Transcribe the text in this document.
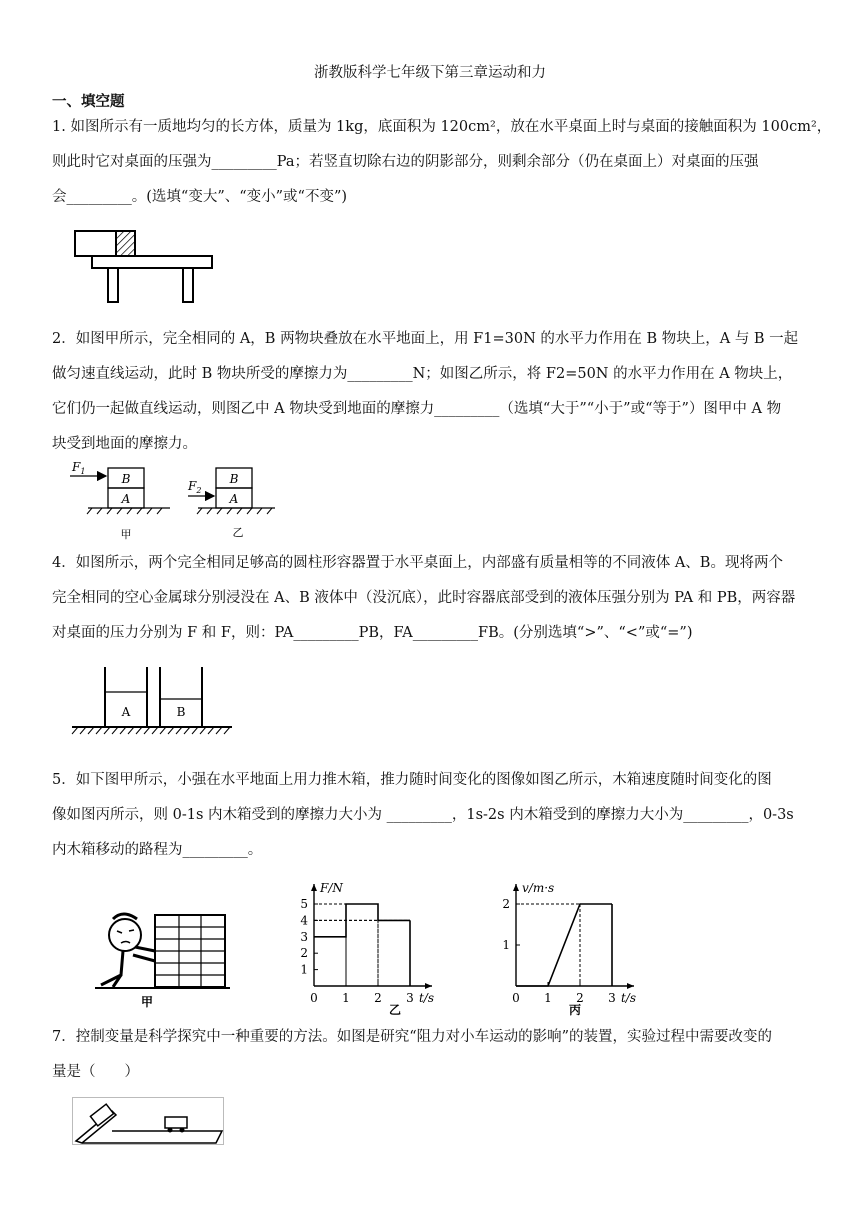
浙教版科学七年级下第三章运动和力
一、填空题

1. 如图所示有一质地均匀的长方体，质量为 1kg，底面积为 120cm²，放在水平桌面上时与桌面的接触面积为 100cm²，

则此时它对桌面的压强为_________Pa；若竖直切除右边的阴影部分，则剩余部分（仍在桌面上）对桌面的压强

会_________。(选填“变大”、“变小”或“不变”)

2．如图甲所示，完全相同的 A，B 两物块叠放在水平地面上，用 F1=30N 的水平力作用在 B 物块上，A 与 B 一起

做匀速直线运动，此时 B 物块所受的摩擦力为_________N；如图乙所示，将 F2=50N 的水平力作用在 A 物块上，

它们仍一起做直线运动，则图乙中 A 物块受到地面的摩擦力_________（选填“大于”“小于”或“等于”）图甲中 A 物

块受到地面的摩擦力。

$F_1$
B
A
甲
$F_2$
B
A
乙

4．如图所示，两个完全相同足够高的圆柱形容器置于水平桌面上，内部盛有质量相等的不同液体 A、B。现将两个

完全相同的空心金属球分别浸没在 A、B 液体中（没沉底），此时容器底部受到的液体压强分别为 PA 和 PB，两容器

对桌面的压力分别为 F 和 F，则：PA_________PB，FA_________FB。(分别选填“>”、“<”或“=”)

A	B

5．如下图甲所示，小强在水平地面上用力推木箱，推力随时间变化的图像如图乙所示，木箱速度随时间变化的图

像如图丙所示，则 0-1s 内木箱受到的摩擦力大小为 _________，1s-2s 内木箱受到的摩擦力大小为_________，0-3s

内木箱移动的路程为_________。

甲	0 1 2 3
1
2
3
4
5
t/s
F/N
乙
0 1 2 3
1
2
t/s
v/m·s
丙

7．控制变量是科学探究中一种重要的方法。如图是研究“阻力对小车运动的影响”的装置，实验过程中需要改变的

量是（　　）
